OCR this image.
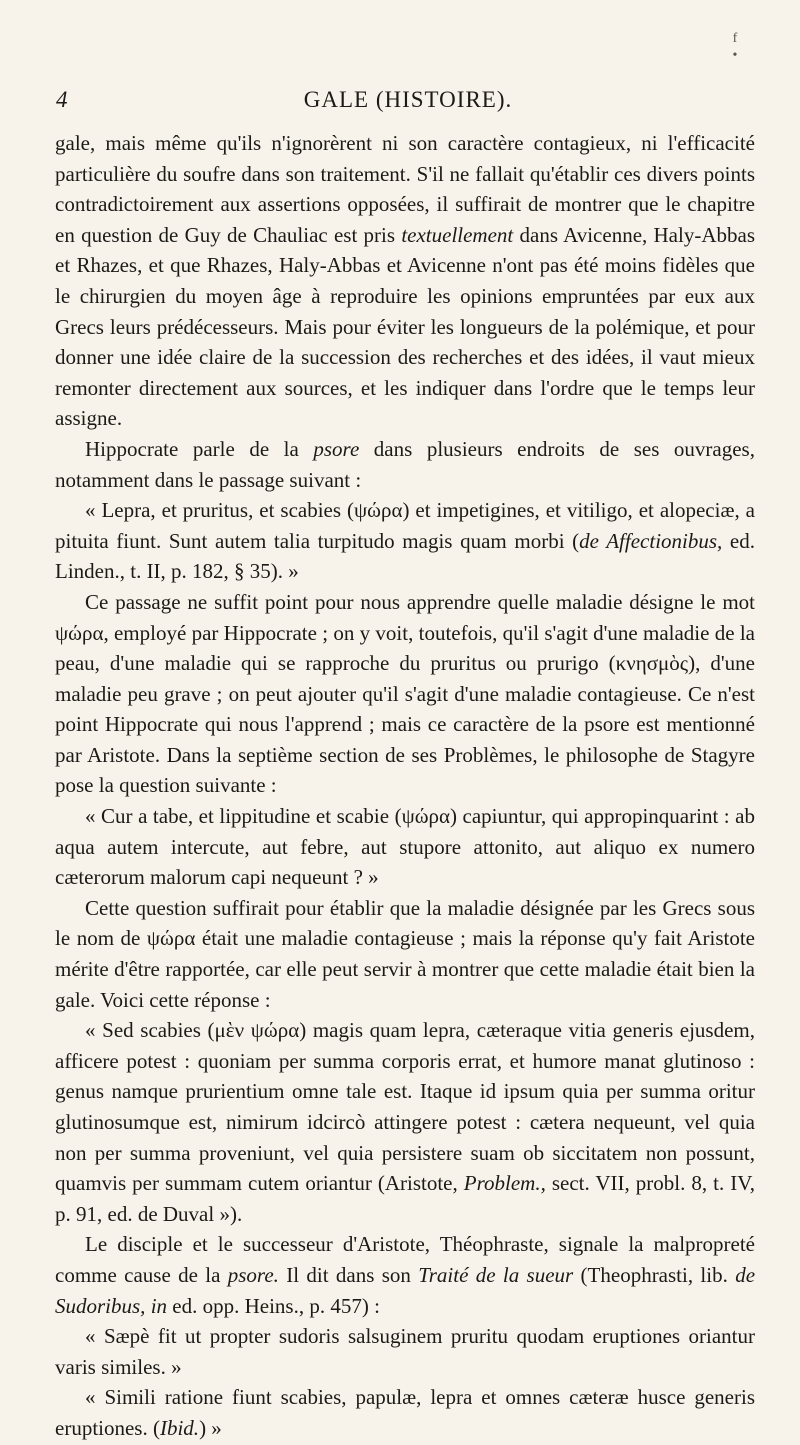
f
•
4	GALE (HISTOIRE).

gale, mais même qu'ils n'ignorèrent ni son caractère contagieux, ni l'efficacité particulière du soufre dans son traitement. S'il ne fallait qu'établir ces divers points contradictoirement aux assertions opposées, il suffirait de montrer que le chapitre en question de Guy de Chauliac est pris textuellement dans Avicenne, Haly-Abbas et Rhazes, et que Rhazes, Haly-Abbas et Avicenne n'ont pas été moins fidèles que le chirurgien du moyen âge à reproduire les opinions empruntées par eux aux Grecs leurs prédécesseurs. Mais pour éviter les longueurs de la polémique, et pour donner une idée claire de la succession des recherches et des idées, il vaut mieux remonter directement aux sources, et les indiquer dans l'ordre que le temps leur assigne.

Hippocrate parle de la psore dans plusieurs endroits de ses ouvrages, notamment dans le passage suivant :

« Lepra, et pruritus, et scabies (ψώρα) et impetigines, et vitiligo, et alopeciæ, a pituita fiunt. Sunt autem talia turpitudo magis quam morbi (de Affectionibus, ed. Linden., t. II, p. 182, § 35). »

Ce passage ne suffit point pour nous apprendre quelle maladie désigne le mot ψώρα, employé par Hippocrate ; on y voit, toutefois, qu'il s'agit d'une maladie de la peau, d'une maladie qui se rapproche du pruritus ou prurigo (κνησμὸς), d'une maladie peu grave ; on peut ajouter qu'il s'agit d'une maladie contagieuse. Ce n'est point Hippocrate qui nous l'apprend ; mais ce caractère de la psore est mentionné par Aristote. Dans la septième section de ses Problèmes, le philosophe de Stagyre pose la question suivante :

« Cur a tabe, et lippitudine et scabie (ψώρα) capiuntur, qui appropinquarint : ab aqua autem intercute, aut febre, aut stupore attonito, aut aliquo ex numero cæterorum malorum capi nequeunt ? »

Cette question suffirait pour établir que la maladie désignée par les Grecs sous le nom de ψώρα était une maladie contagieuse ; mais la réponse qu'y fait Aristote mérite d'être rapportée, car elle peut servir à montrer que cette maladie était bien la gale. Voici cette réponse :

« Sed scabies (μὲν ψώρα) magis quam lepra, cæteraque vitia generis ejusdem, afficere potest : quoniam per summa corporis errat, et humore manat glutinoso : genus namque prurientium omne tale est. Itaque id ipsum quia per summa oritur glutinosumque est, nimirum idcircò attingere potest : cætera nequeunt, vel quia non per summa proveniunt, vel quia persistere suam ob siccitatem non possunt, quamvis per summam cutem oriantur (Aristote, Problem., sect. VII, probl. 8, t. IV, p. 91, ed. de Duval »).

Le disciple et le successeur d'Aristote, Théophraste, signale la malpropreté comme cause de la psore. Il dit dans son Traité de la sueur (Theophrasti, lib. de Sudoribus, in ed. opp. Heins., p. 457) :

« Sæpè fit ut propter sudoris salsuginem pruritu quodam eruptiones oriantur varis similes. »

« Simili ratione fiunt scabies, papulæ, lepra et omnes cæteræ husce generis eruptiones. (Ibid.) »
